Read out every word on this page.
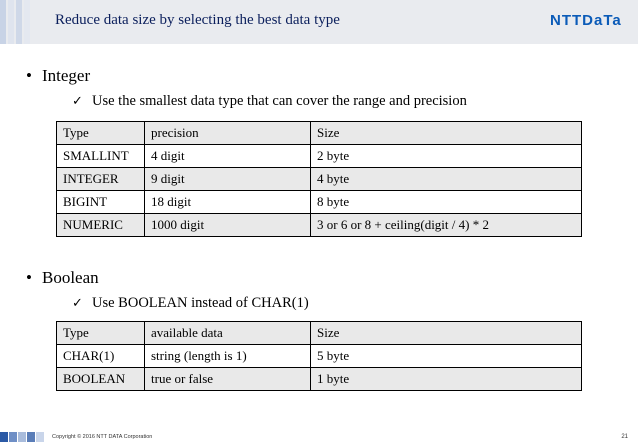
Reduce data size by selecting the best data type	NTTDaTa
• Integer
✓ Use the smallest data type that can cover the range and precision
Type	precision	Size
SMALLINT	4 digit	2 byte
INTEGER	9 digit	4 byte
BIGINT	18 digit	8 byte
NUMERIC	1000 digit	3 or 6 or 8 + ceiling(digit / 4) * 2
• Boolean
✓ Use BOOLEAN instead of CHAR(1)
Type	available data	Size
CHAR(1)	string (length is 1)	5 byte
BOOLEAN	true or false	1 byte
Copyright © 2016 NTT DATA Corporation	21
